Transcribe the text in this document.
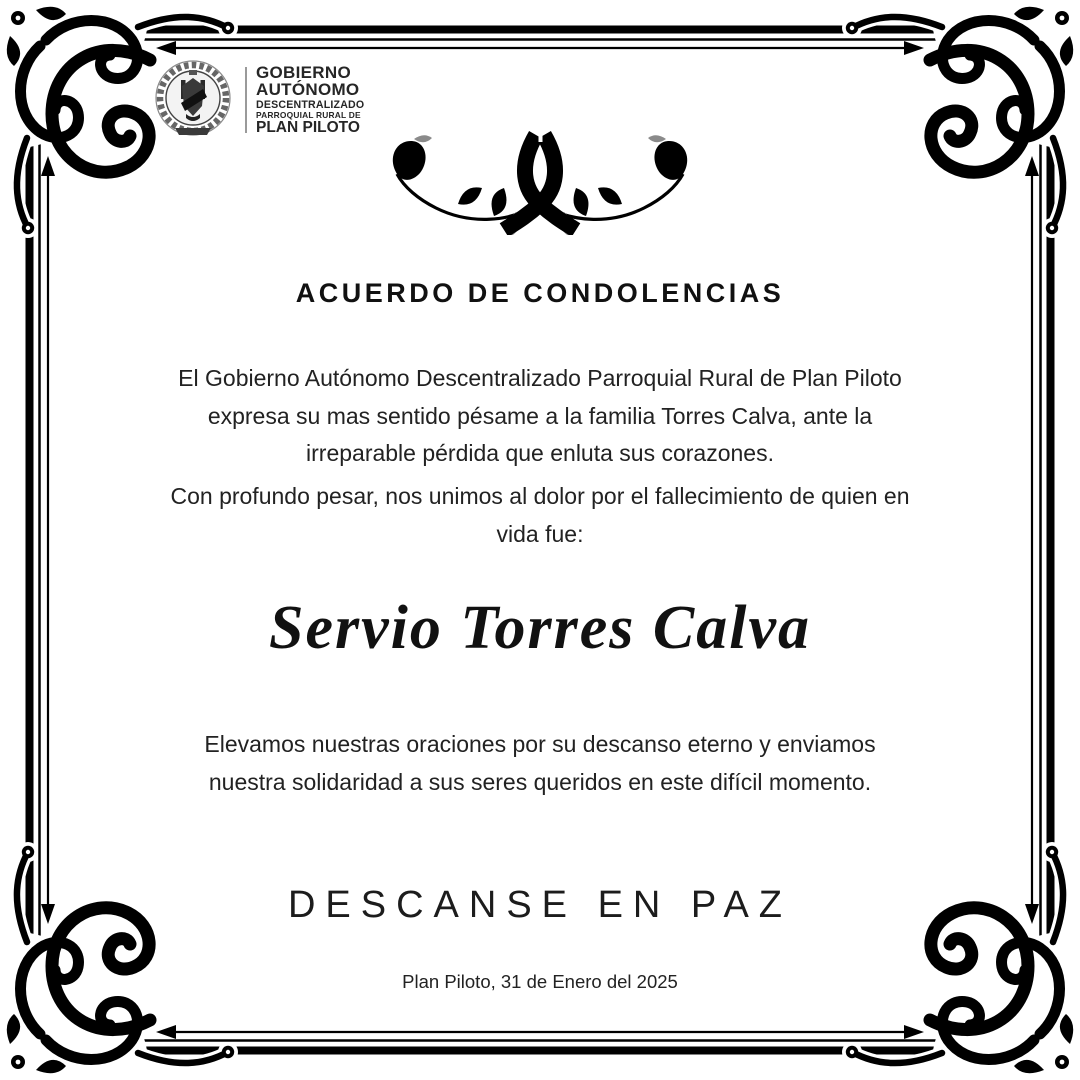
GOBIERNO
AUTÓNOMO
DESCENTRALIZADO
PARROQUIAL RURAL DE
PLAN PILOTO
ACUERDO DE CONDOLENCIAS
El Gobierno Autónomo Descentralizado Parroquial Rural de Plan Piloto
expresa su mas sentido pésame a la familia Torres Calva, ante la
irreparable pérdida que enluta sus corazones.
Con profundo pesar, nos unimos al dolor por el fallecimiento de quien en
vida fue:
Servio Torres Calva
Elevamos nuestras oraciones por su descanso eterno y enviamos
nuestra solidaridad a sus seres queridos en este difícil momento.
DESCANSE EN PAZ
Plan Piloto, 31 de Enero del 2025
